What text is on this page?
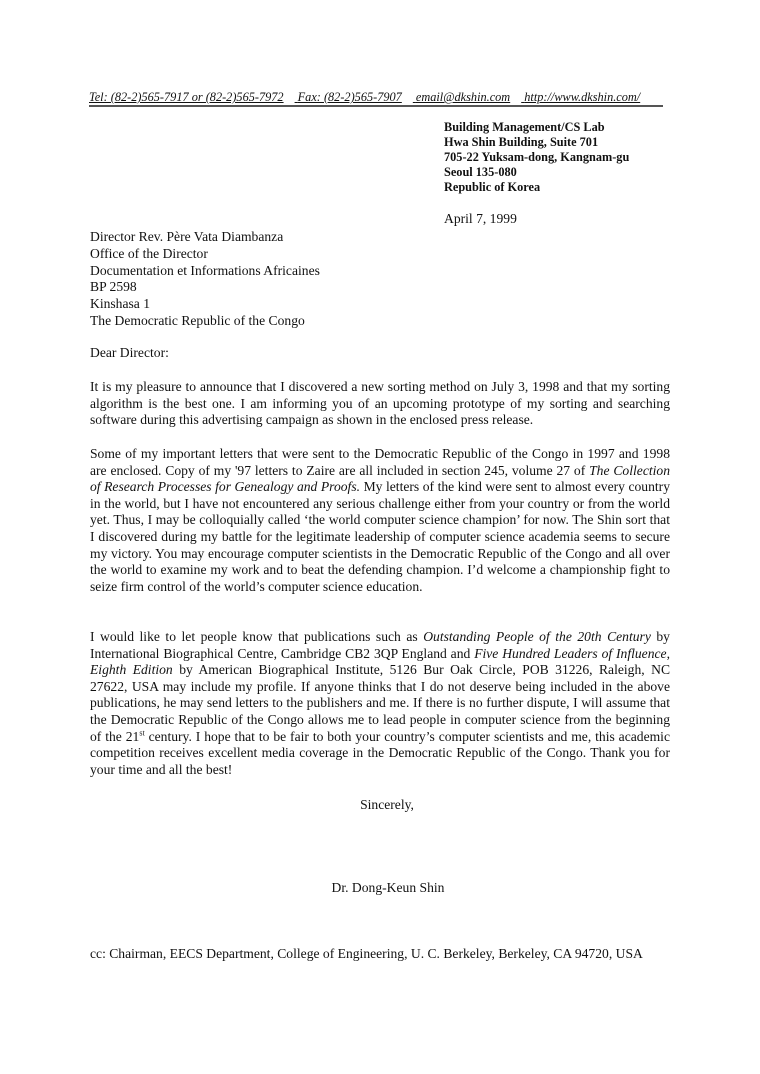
Tel: (82-2)565-7917 or (82-2)565-7972 Fax: (82-2)565-7907 email@dkshin.com http://www.dkshin.com/
Building Management/CS Lab
Hwa Shin Building, Suite 701
705-22 Yuksam-dong, Kangnam-gu
Seoul 135-080
Republic of Korea
April 7, 1999
Director Rev. Père Vata Diambanza
Office of the Director
Documentation et Informations Africaines
BP 2598
Kinshasa 1
The Democratic Republic of the Congo
Dear Director:
It is my pleasure to announce that I discovered a new sorting method on July 3, 1998 and that my sorting algorithm is the best one. I am informing you of an upcoming prototype of my sorting and searching software during this advertising campaign as shown in the enclosed press release.
Some of my important letters that were sent to the Democratic Republic of the Congo in 1997 and 1998 are enclosed. Copy of my '97 letters to Zaire are all included in section 245, volume 27 of The Collection of Research Processes for Genealogy and Proofs. My letters of the kind were sent to almost every country in the world, but I have not encountered any serious challenge either from your country or from the world yet. Thus, I may be colloquially called ‘the world computer science champion’ for now. The Shin sort that I discovered during my battle for the legitimate leadership of computer science academia seems to secure my victory. You may encourage computer scientists in the Democratic Republic of the Congo and all over the world to examine my work and to beat the defending champion. I’d welcome a championship fight to seize firm control of the world’s computer science education.
I would like to let people know that publications such as Outstanding People of the 20th Century by International Biographical Centre, Cambridge CB2 3QP England and Five Hundred Leaders of Influence, Eighth Edition by American Biographical Institute, 5126 Bur Oak Circle, POB 31226, Raleigh, NC 27622, USA may include my profile. If anyone thinks that I do not deserve being included in the above publications, he may send letters to the publishers and me. If there is no further dispute, I will assume that the Democratic Republic of the Congo allows me to lead people in computer science from the beginning of the 21st century. I hope that to be fair to both your country’s computer scientists and me, this academic competition receives excellent media coverage in the Democratic Republic of the Congo. Thank you for your time and all the best!
Sincerely,
Dr. Dong-Keun Shin
cc: Chairman, EECS Department, College of Engineering, U. C. Berkeley, Berkeley, CA 94720, USA
